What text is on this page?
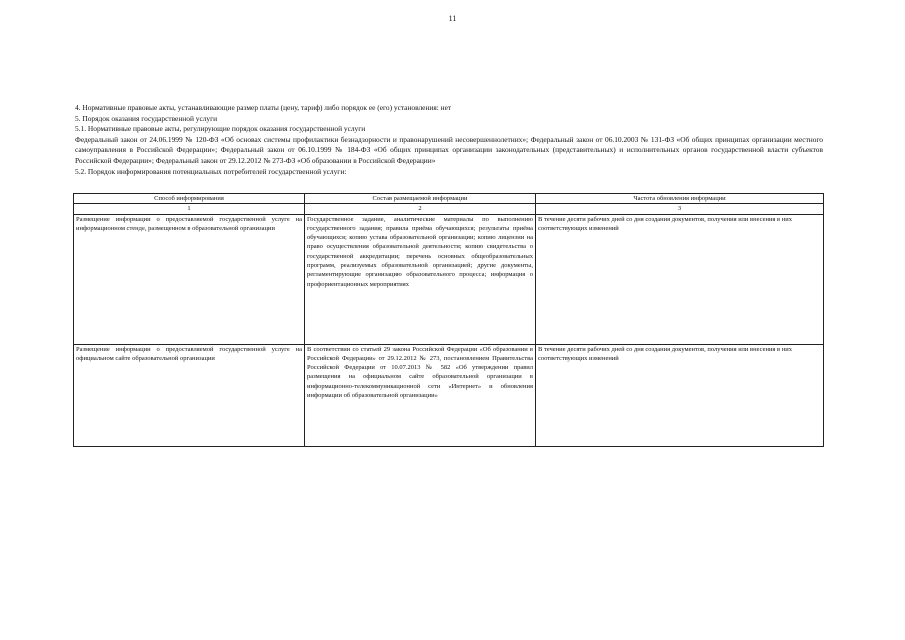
11

4. Нормативные правовые акты, устанавливающие размер платы (цену, тариф) либо порядок ее (его) установления: нет

5. Порядок оказания государственной услуги

5.1. Нормативные правовые акты, регулирующие порядок оказания государственной услуги

Федеральный закон от 24.06.1999 № 120-ФЗ «Об основах системы профилактики безнадзорности и правонарушений несовершеннолетних»; Федеральный закон от 06.10.2003 № 131-ФЗ «Об общих принципах организации местного самоуправления в Российской Федерации»; Федеральный закон от 06.10.1999 № 184-ФЗ «Об общих принципах организации законодательных (представительных) и исполнительных органов государственной власти субъектов Российской Федерации»; Федеральный закон от 29.12.2012 № 273-ФЗ «Об образовании в Российской Федерации»

5.2. Порядок информирования потенциальных потребителей государственной услуги:

Способ информирования	Состав размещаемой информации	Частота обновления информации
1	2	3
Размещение информации о предоставляемой государственной услуге на информационном стенде, размещенном в образовательной организации	Государственное задание, аналитические материалы по выполнению государственного задания; правила приёма обучающихся; результаты приёма обучающихся; копию устава образовательной организации; копию лицензии на право осуществления образовательной деятельности; копию свидетельства о государственной аккредитации; перечень основных общеобразовательных программ, реализуемых образовательной организацией; другие документы, регламентирующие организацию образовательного процесса; информация о профориентационных мероприятиях	В течение десяти рабочих дней со дня создания документов, получения или внесения в них соответствующих изменений
Размещение информации о предоставляемой государственной услуге на официальном сайте образовательной организации	В соответствии со статьей 29 закона Российской Федерации «Об образовании в Российской Федерации» от 29.12.2012 № 273, постановлением Правительства Российской Федерации от 10.07.2013 № 582 «Об утверждении правил размещения на официальном сайте образовательной организации в информационно-телекоммуникационной сети «Интернет» и обновления информации об образовательной организации»	В течение десяти рабочих дней со дня создания документов, получения или внесения в них соответствующих изменений
